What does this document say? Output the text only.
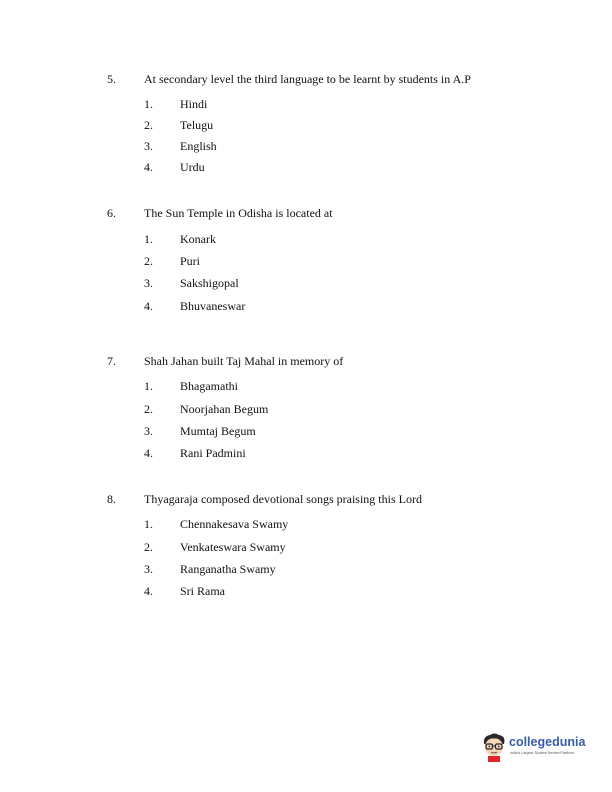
5. At secondary level the third language to be learnt by students in A.P
1. Hindi
2. Telugu
3. English
4. Urdu
6. The Sun Temple in Odisha is located at
1. Konark
2. Puri
3. Sakshigopal
4. Bhuvaneswar
7. Shah Jahan built Taj Mahal in memory of
1. Bhagamathi
2. Noorjahan Begum
3. Mumtaj Begum
4. Rani Padmini
8. Thyagaraja composed devotional songs praising this Lord
1. Chennakesava Swamy
2. Venkateswara Swamy
3. Ranganatha Swamy
4. Sri Rama
collegedunia
India's Largest Student Review Platform
